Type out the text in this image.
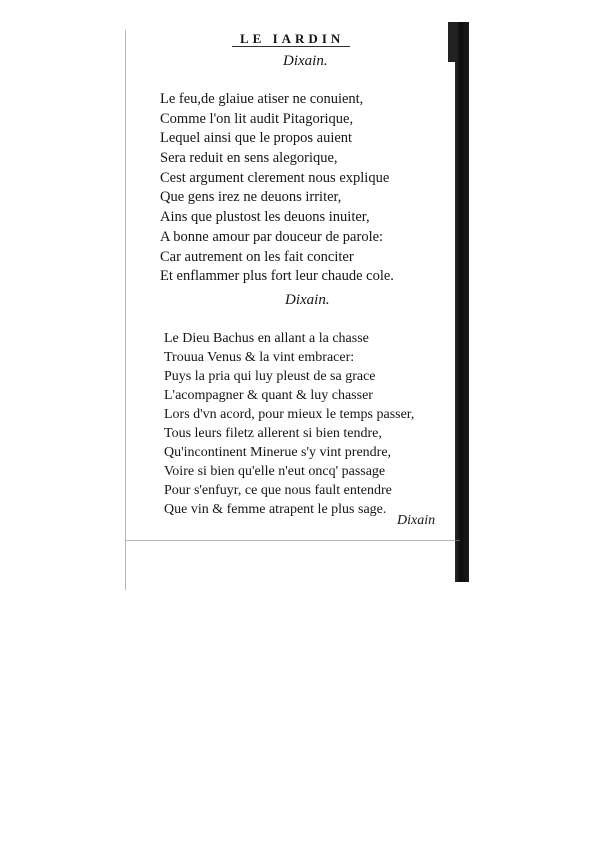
LE IARDIN
Dixain.
Le feu,de glaiue atiser ne conuient,
Comme l'on lit audit Pitagorique,
Lequel ainsi que le propos auient
Sera reduit en sens alegorique,
Cest argument clerement nous explique
Que gens irez ne deuons irriter,
Ains que plustost les deuons inuiter,
A bonne amour par douceur de parole:
Car autrement on les fait conciter
Et enflammer plus fort leur chaude cole.
Dixain.
Le Dieu Bachus en allant a la chasse
Trouua Venus & la vint embracer:
Puys la pria qui luy pleust de sa grace
L'acompagner & quant & luy chasser
Lors d'vn acord, pour mieux le temps passer,
Tous leurs filetz allerent si bien tendre,
Qu'incontinent Minerue s'y vint prendre,
Voire si bien qu'elle n'eut oncq' passage
Pour s'enfuyr, ce que nous fault entendre
Que vin & femme atrapent le plus sage.
Dixain
